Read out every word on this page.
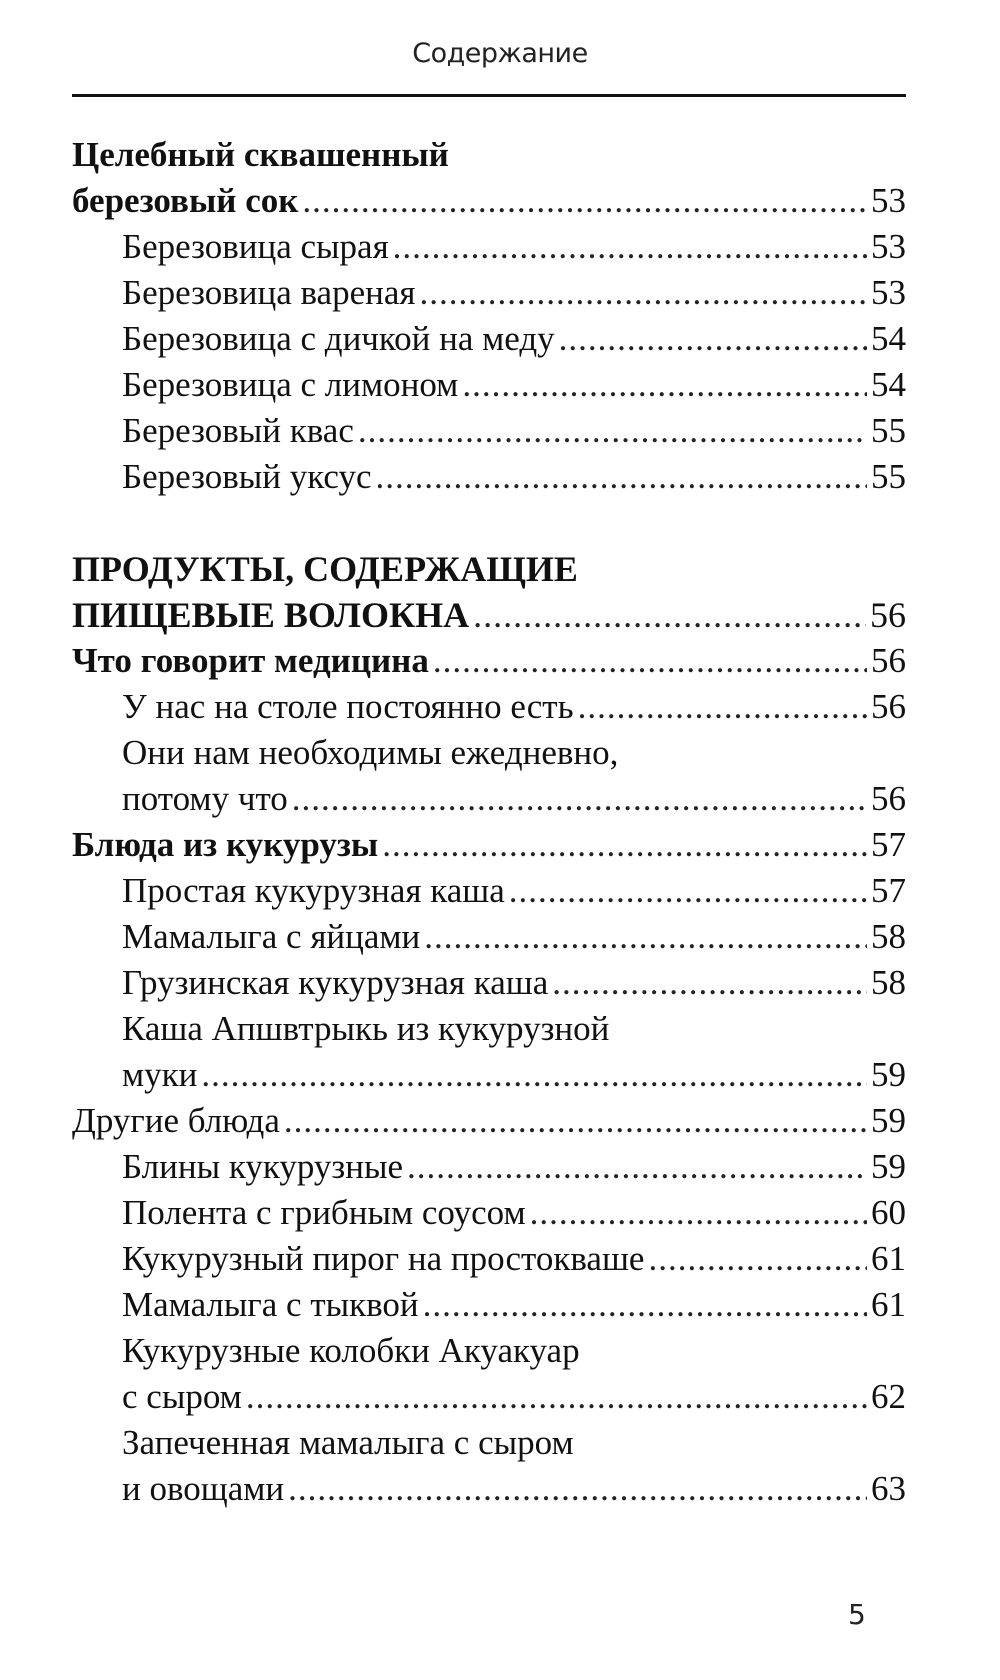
Содержание
Целебный сквашенный
березовый сок .....	53
Березовица сырая .....	53
Березовица вареная .....	53
Березовица с дичкой на меду .....	54
Березовица с лимоном .....	54
Березовый квас .....	55
Березовый уксус .....	55
ПРОДУКТЫ, СОДЕРЖАЩИЕ
ПИЩЕВЫЕ ВОЛОКНА .....	56
Что говорит медицина .....	56
У нас на столе постоянно есть .....	56
Они нам необходимы ежедневно,
потому что .....	56
Блюда из кукурузы .....	57
Простая кукурузная каша .....	57
Мамалыга с яйцами .....	58
Грузинская кукурузная каша .....	58
Каша Апшвтрыкь из кукурузной
муки .....	59
Другие блюда .....	59
Блины кукурузные .....	59
Полента с грибным соусом .....	60
Кукурузный пирог на простокваше .....	61
Мамалыга с тыквой .....	61
Кукурузные колобки Акуакуар
с сыром .....	62
Запеченная мамалыга с сыром
и овощами .....	63
5
